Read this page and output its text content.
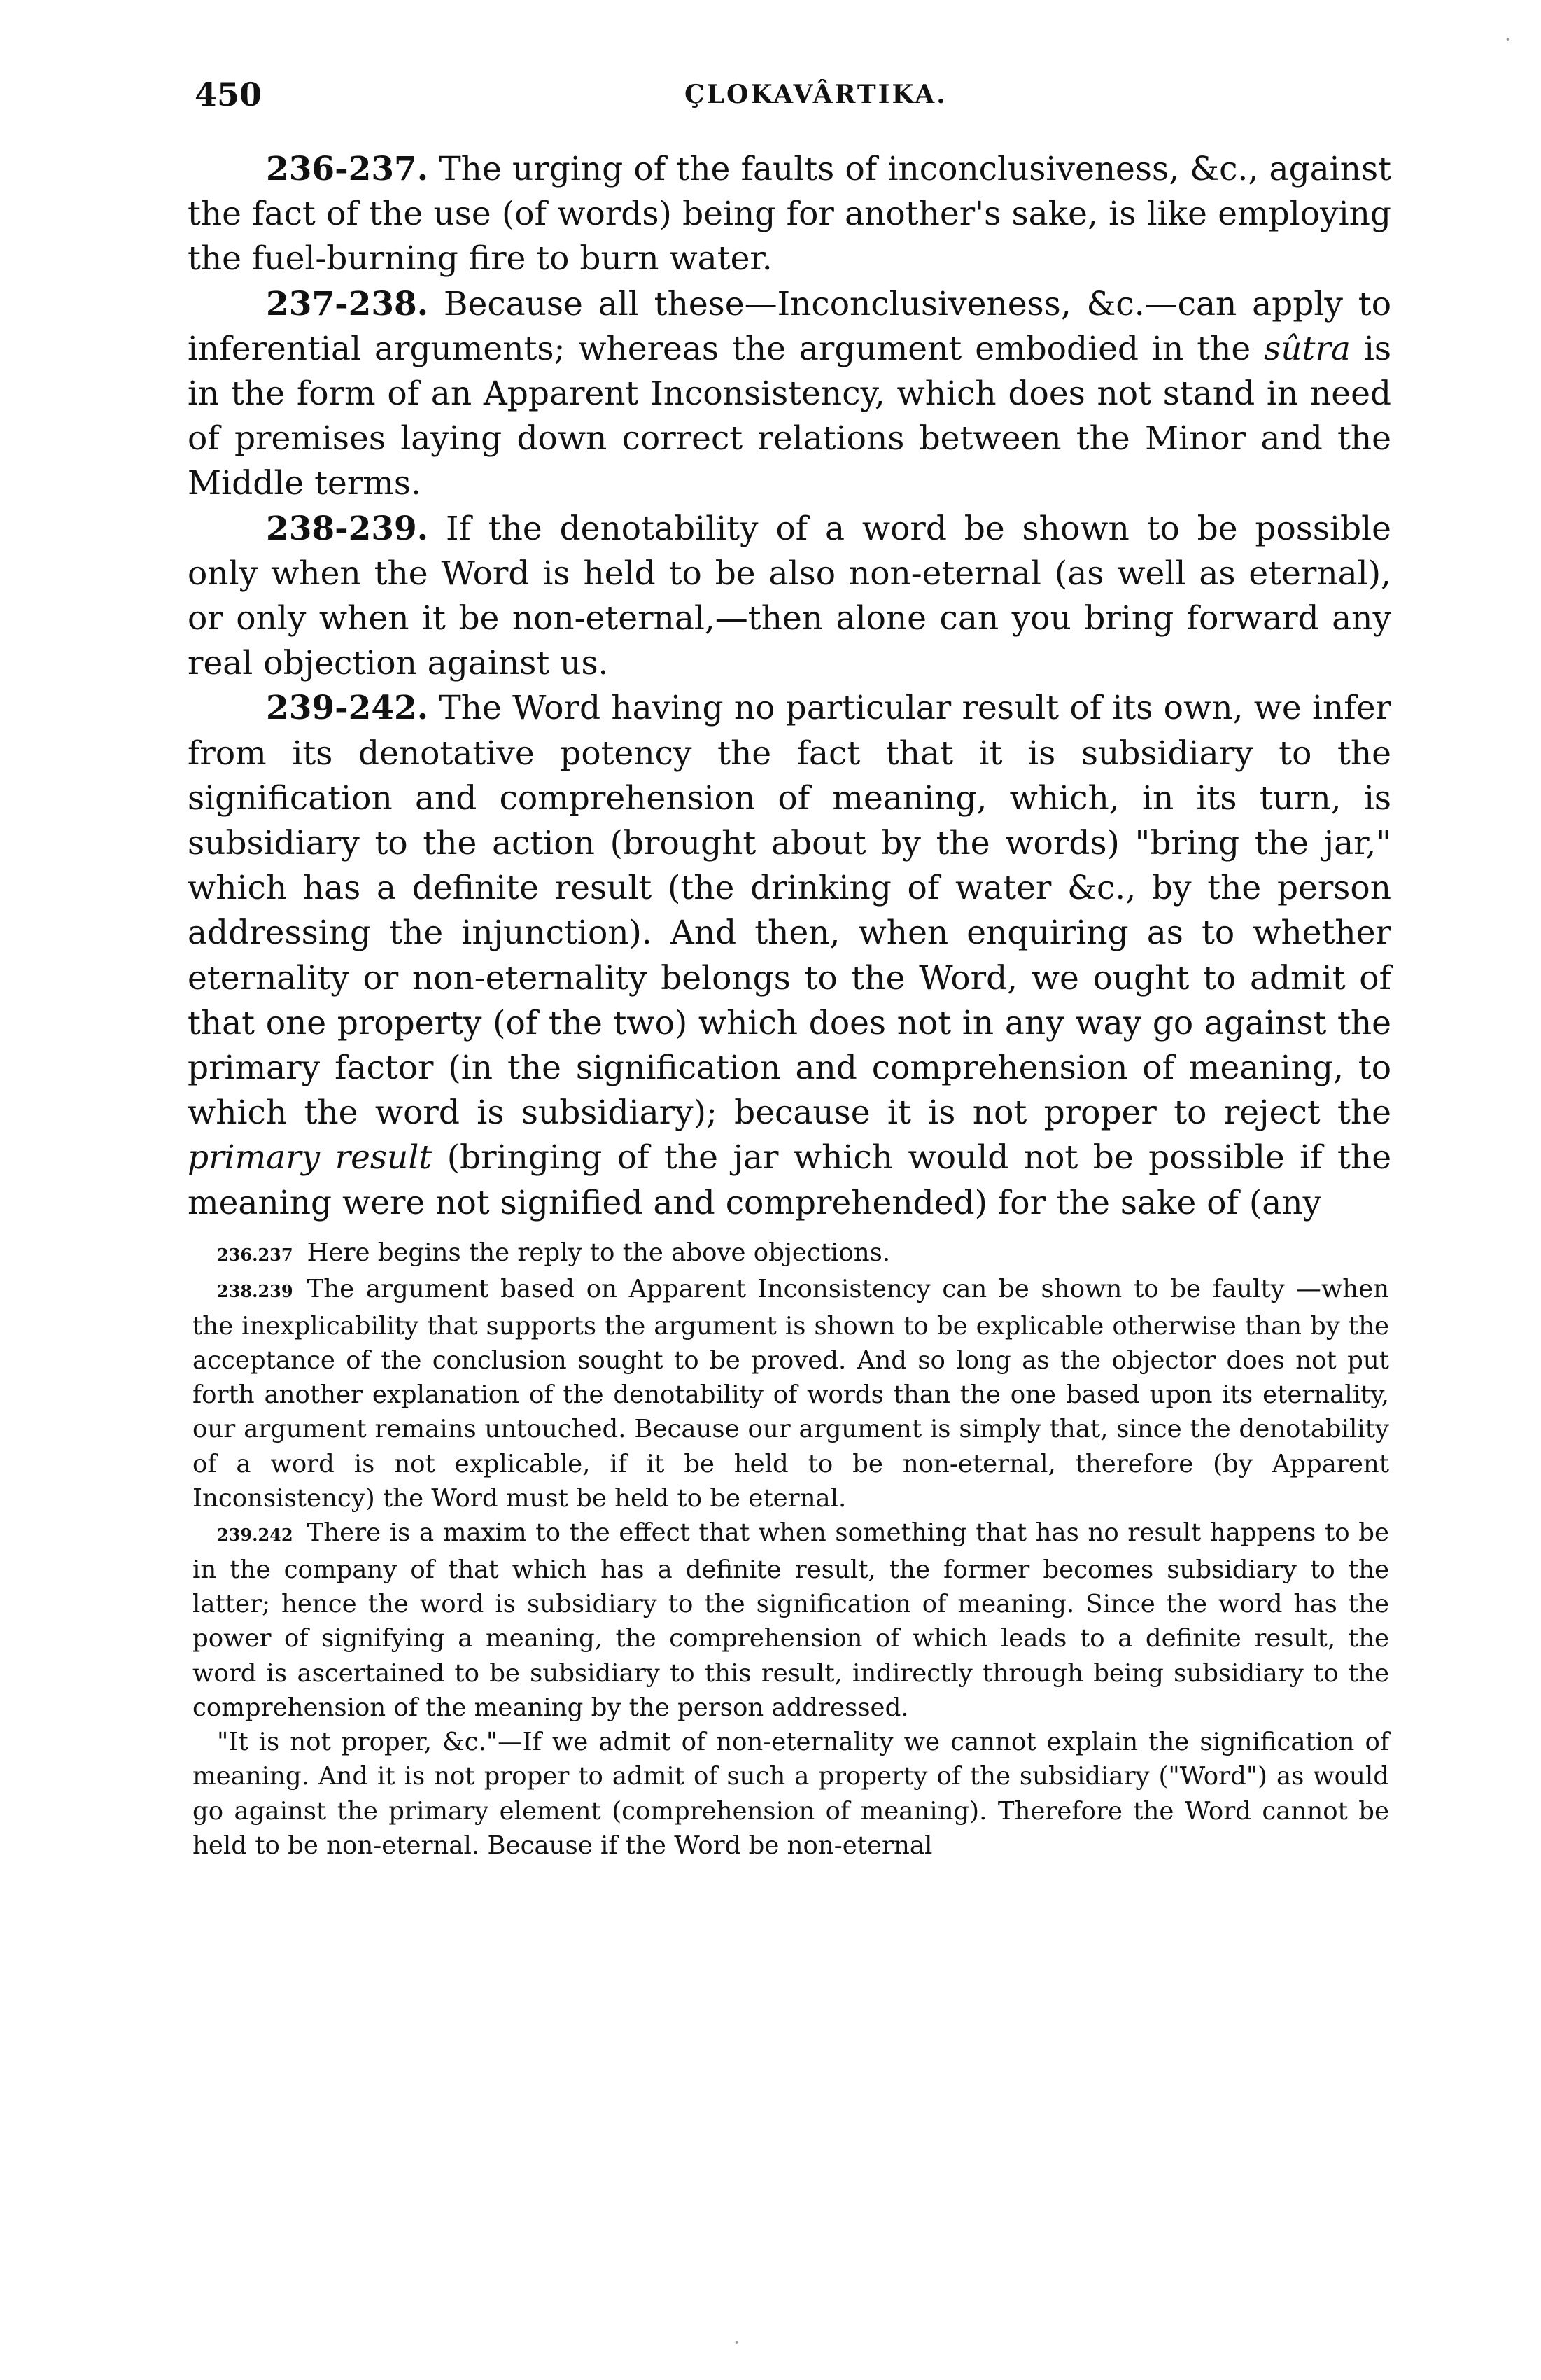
450	ÇLOKAVÂRTIKA.

236-237. The urging of the faults of inconclusiveness, &c., against the fact of the use (of words) being for another's sake, is like employing the fuel-burning fire to burn water.

237-238. Because all these—Inconclusiveness, &c.—can apply to inferential arguments; whereas the argument embodied in the sûtra is in the form of an Apparent Inconsistency, which does not stand in need of premises laying down correct relations between the Minor and the Middle terms.

238-239. If the denotability of a word be shown to be possible only when the Word is held to be also non-eternal (as well as eternal), or only when it be non-eternal,—then alone can you bring forward any real objection against us.

239-242. The Word having no particular result of its own, we infer from its denotative potency the fact that it is subsidiary to the signification and comprehension of meaning, which, in its turn, is subsidiary to the action (brought about by the words) "bring the jar," which has a definite result (the drinking of water &c., by the person addressing the injunction). And then, when enquiring as to whether eternality or non-eternality belongs to the Word, we ought to admit of that one property (of the two) which does not in any way go against the primary factor (in the signification and comprehension of meaning, to which the word is subsidiary); because it is not proper to reject the primary result (bringing of the jar which would not be possible if the meaning were not signified and comprehended) for the sake of (any

236.237 Here begins the reply to the above objections.

238.239 The argument based on Apparent Inconsistency can be shown to be faulty —when the inexplicability that supports the argument is shown to be explicable otherwise than by the acceptance of the conclusion sought to be proved. And so long as the objector does not put forth another explanation of the denotability of words than the one based upon its eternality, our argument remains untouched. Because our argument is simply that, since the denotability of a word is not explicable, if it be held to be non-eternal, therefore (by Apparent Inconsistency) the Word must be held to be eternal.

239.242 There is a maxim to the effect that when something that has no result happens to be in the company of that which has a definite result, the former becomes subsidiary to the latter; hence the word is subsidiary to the signification of meaning. Since the word has the power of signifying a meaning, the comprehension of which leads to a definite result, the word is ascertained to be subsidiary to this result, indirectly through being subsidiary to the comprehension of the meaning by the person addressed.

"It is not proper, &c."—If we admit of non-eternality we cannot explain the signification of meaning. And it is not proper to admit of such a property of the subsidiary ("Word") as would go against the primary element (comprehension of meaning). Therefore the Word cannot be held to be non-eternal. Because if the Word be non-eternal

·
·
